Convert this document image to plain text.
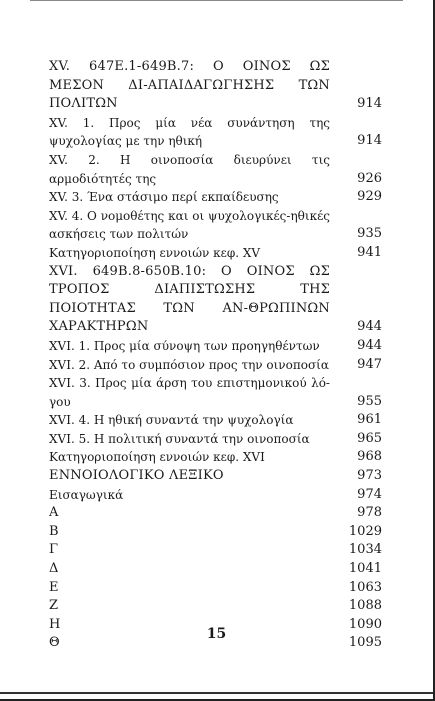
XV. 647E.1-649B.7: Ο ΟΙΝΟΣ ΩΣ ΜΕΣΟΝ ΔΙ-ΑΠΑΙΔΑΓΩΓΗΣΗΣ ΤΩΝ ΠΟΛΙΤΩΝ	914
XV. 1. Προς μία νέα συνάντηση της ψυχολογίας με την ηθική	914
XV. 2. Η οινοποσία διευρύνει τις αρμοδιότητές της	926
XV. 3. Ένα στάσιμο περί εκπαίδευσης	929
XV. 4. Ο νομοθέτης και οι ψυχολογικές-ηθικές ασκήσεις των πολιτών	935
Κατηγοριοποίηση εννοιών κεφ. XV	941
XVI. 649B.8-650B.10: Ο ΟΙΝΟΣ ΩΣ ΤΡΟΠΟΣ ΔΙΑΠΙΣΤΩΣΗΣ ΤΗΣ ΠΟΙΟΤΗΤΑΣ ΤΩΝ ΑΝ-ΘΡΩΠΙΝΩΝ ΧΑΡΑΚΤΗΡΩΝ	944
XVI. 1. Προς μία σύνοψη των προηγηθέντων	944
XVI. 2. Από το συμπόσιον προς την οινοποσία	947
XVI. 3. Προς μία άρση του επιστημονικού λό-γου	955
XVI. 4. Η ηθική συναντά την ψυχολογία	961
XVI. 5. Η πολιτική συναντά την οινοποσία	965
Κατηγοριοποίηση εννοιών κεφ. XVI	968
ΕΝΝΟΙΟΛΟΓΙΚΟ ΛΕΞΙΚΟ	973
Εισαγωγικά	974
Α	978
Β	1029
Γ	1034
Δ	1041
Ε	1063
Ζ	1088
Η	1090
Θ	1095
15
